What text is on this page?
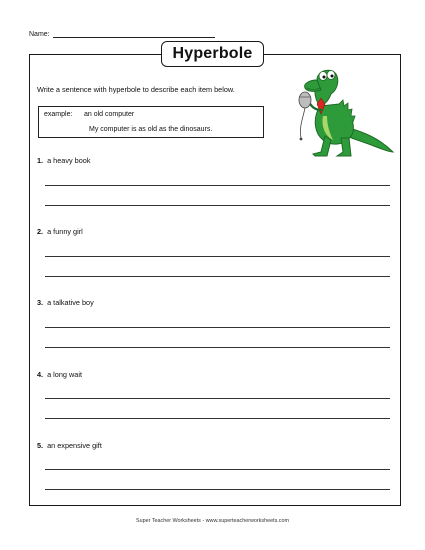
Name:
Hyperbole
Write a sentence with hyperbole to describe each item below.
example: an old computer
My computer is as old as the dinosaurs.
1. a heavy book
2. a funny girl
3. a talkative boy
4. a long wait
5. an expensive gift
Super Teacher Worksheets - www.superteacherworksheets.com
